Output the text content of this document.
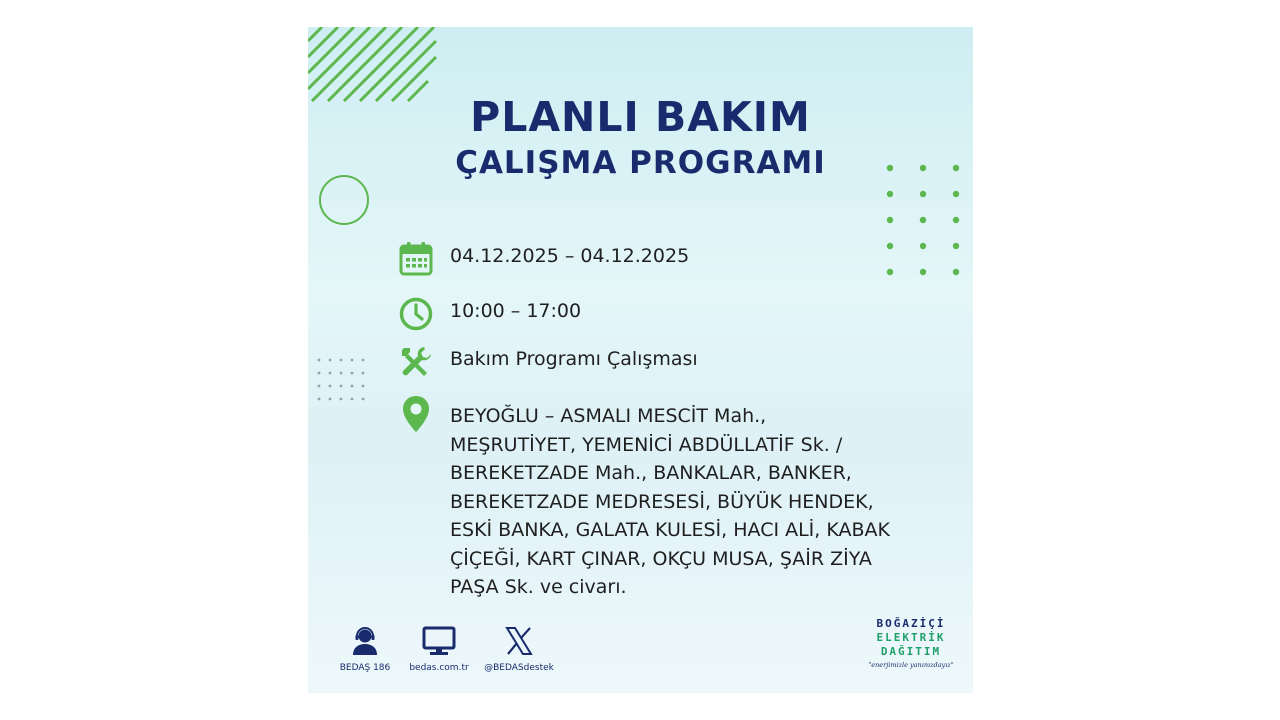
PLANLI BAKIM
ÇALIŞMA PROGRAMI
04.12.2025 – 04.12.2025
10:00 – 17:00
Bakım Programı Çalışması
BEYOĞLU – ASMALI MESCİT Mah.,
MEŞRUTİYET, YEMENİCİ ABDÜLLATİF Sk. /
BEREKETZADE Mah., BANKALAR, BANKER,
BEREKETZADE MEDRESESİ, BÜYÜK HENDEK,
ESKİ BANKA, GALATA KULESİ, HACI ALİ, KABAK
ÇİÇEĞİ, KART ÇINAR, OKÇU MUSA, ŞAİR ZİYA
PAŞA Sk. ve civarı.
BEDAŞ 186	bedas.com.tr	@BEDASdestek
BOĞAZİÇİ
ELEKTRİK
DAĞITIM
"enerjimizle yanınızdayız"
